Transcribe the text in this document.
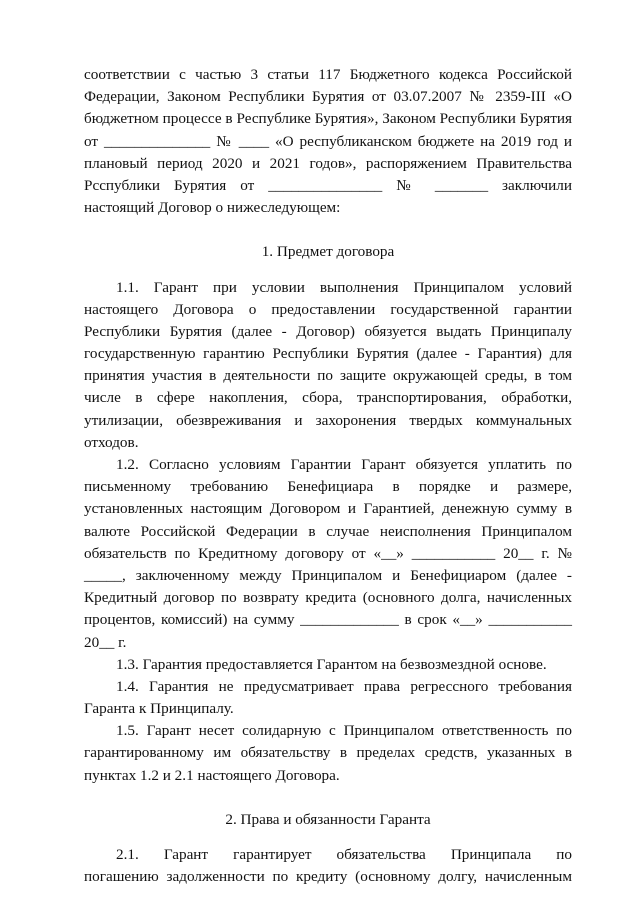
соответствии с частью 3 статьи 117 Бюджетного кодекса Российской
Федерации, Законом Республики Бурятия от 03.07.2007 № 2359-III «О
бюджетном процессе в Республике Бурятия», Законом Республики Бурятия
от ______________ № ____ «О республиканском бюджете на 2019 год и
плановый период 2020 и 2021 годов», распоряжением Правительства
Рсспублики Бурятия от _______________ № _______ заключили
настоящий Договор о нижеследующем:
1. Предмет договора
1.1. Гарант при условии выполнения Принципалом условий
настоящего Договора о предоставлении государственной гарантии
Республики Бурятия (далее - Договор) обязуется выдать Принципалу
государственную гарантию Республики Бурятия (далее - Гарантия) для
принятия участия в деятельности по защите окружающей среды, в том
числе в сфере накопления, сбора, транспортирования, обработки,
утилизации, обезвреживания и захоронения твердых коммунальных
отходов.
1.2. Согласно условиям Гарантии Гарант обязуется уплатить по
письменному требованию Бенефициара в порядке и размере,
установленных настоящим Договором и Гарантией, денежную сумму в
валюте Российской Федерации в случае неисполнения Принципалом
обязательств по Кредитному договору от «__» ___________ 20__ г. №
_____, заключенному между Принципалом и Бенефициаром (далее -
Кредитный договор по возврату кредита (основного долга, начисленных
процентов, комиссий) на сумму _____________ в срок «__» ___________
20__ г.
1.3. Гарантия предоставляется Гарантом на безвозмездной основе.
1.4. Гарантия не предусматривает права регрессного требования
Гаранта к Принципалу.
1.5. Гарант несет солидарную с Принципалом ответственность по
гарантированному им обязательству в пределах средств, указанных в
пунктах 1.2 и 2.1 настоящего Договора.
2. Права и обязанности Гаранта
2.1. Гарант гарантирует обязательства Принципала по
погашению задолженности по кредиту (основному долгу, начисленным
